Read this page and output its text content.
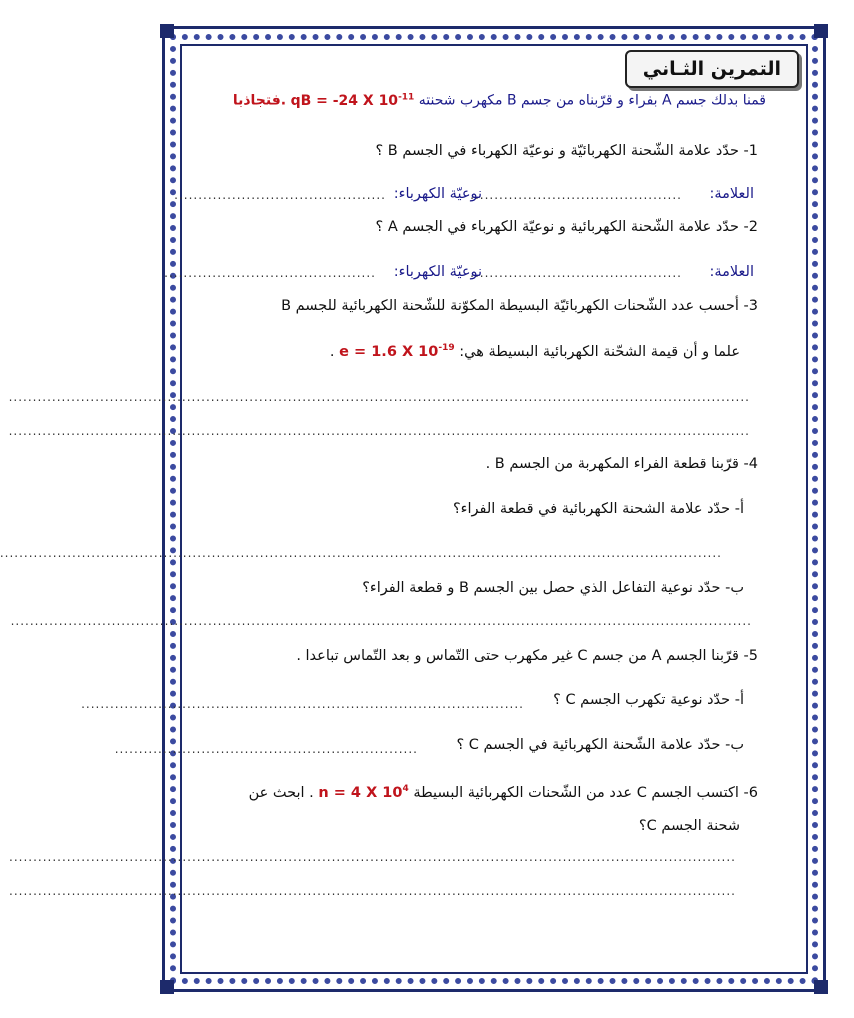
التمرين الثـاني
قمنا بدلك جسم A بفراء و قرّبناه من جسم B مكهرب شحنته qB = -24 X $10^{-11}$ فتجاذبا.
1- حدّد علامة الشّحنة الكهربائيّة و نوعيّة الكهرباء في الجسم B ؟
العلامة:
............................................
نوعيّة الكهرباء:
............................................
2- حدّد علامة الشّحنة الكهربائية و نوعيّة الكهرباء في الجسم A ؟
العلامة:
............................................
نوعيّة الكهرباء:
............................................
3- أحسب عدد الشّحنات الكهربائيّة البسيطة المكوّنة للشّحنة الكهربائية للجسم B
علما و أن قيمة الشحّنة الكهربائية البسيطة هي: e = 1.6 X $10^{-19}$ .
..........................................................................................................................................................
..........................................................................................................................................................
4- قرّبنا قطعة الفراء المكهربة من الجسم B .
أ- حدّد علامة الشحنة الكهربائية في قطعة الفراء؟
......................................................................................................................................................
ب- حدّد نوعية التفاعل الذي حصل بين الجسم B و قطعة الفراء؟
..........................................................................................................................................................
5- قرّبنا الجسم A من جسم C غير مكهرب حتى التّماس و بعد التّماس تباعدا .
أ- حدّد نوعية تكهرب الجسم C ؟
............................................................................................
ب- حدّد علامة الشّحنة الكهربائية في الجسم C ؟
...............................................................
6- اكتسب الجسم C عدد من الشّحنات الكهربائية البسيطة n = 4 X $10^4$ . ابحث عن
شحنة الجسم C؟
.......................................................................................................................................................
.......................................................................................................................................................
